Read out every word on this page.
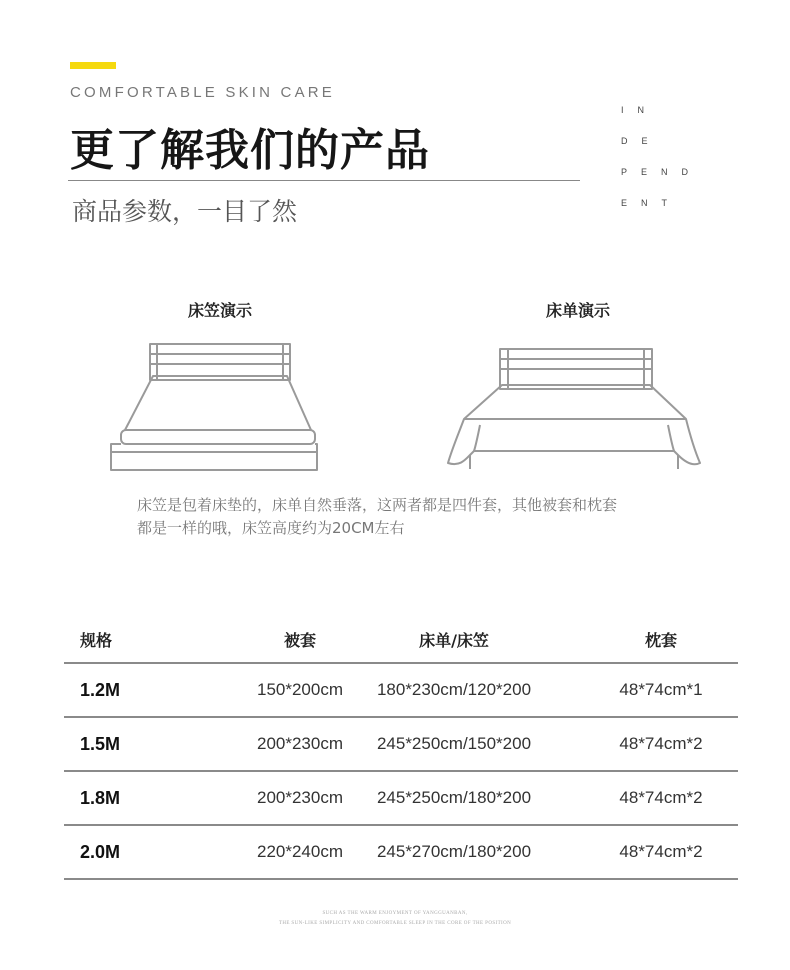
COMFORTABLE SKIN CARE
更了解我们的产品
商品参数，一目了然
IN
DE
PEND
ENT
床笠演示	床单演示
床笠是包着床垫的，床单自然垂落，这两者都是四件套，其他被套和枕套
都是一样的哦，床笠高度约为20CM左右
规格	被套	床单/床笠	枕套
1.2M	150*200cm	180*230cm/120*200	48*74cm*1
1.5M	200*230cm	245*250cm/150*200	48*74cm*2
1.8M	200*230cm	245*250cm/180*200	48*74cm*2
2.0M	220*240cm	245*270cm/180*200	48*74cm*2
SUCH AS THE WARM ENJOYMENT OF YANGGUANBAN,
THE SUN-LIKE SIMPLICITY AND COMFORTABLE SLEEP IN THE CORE OF THE POSITION
